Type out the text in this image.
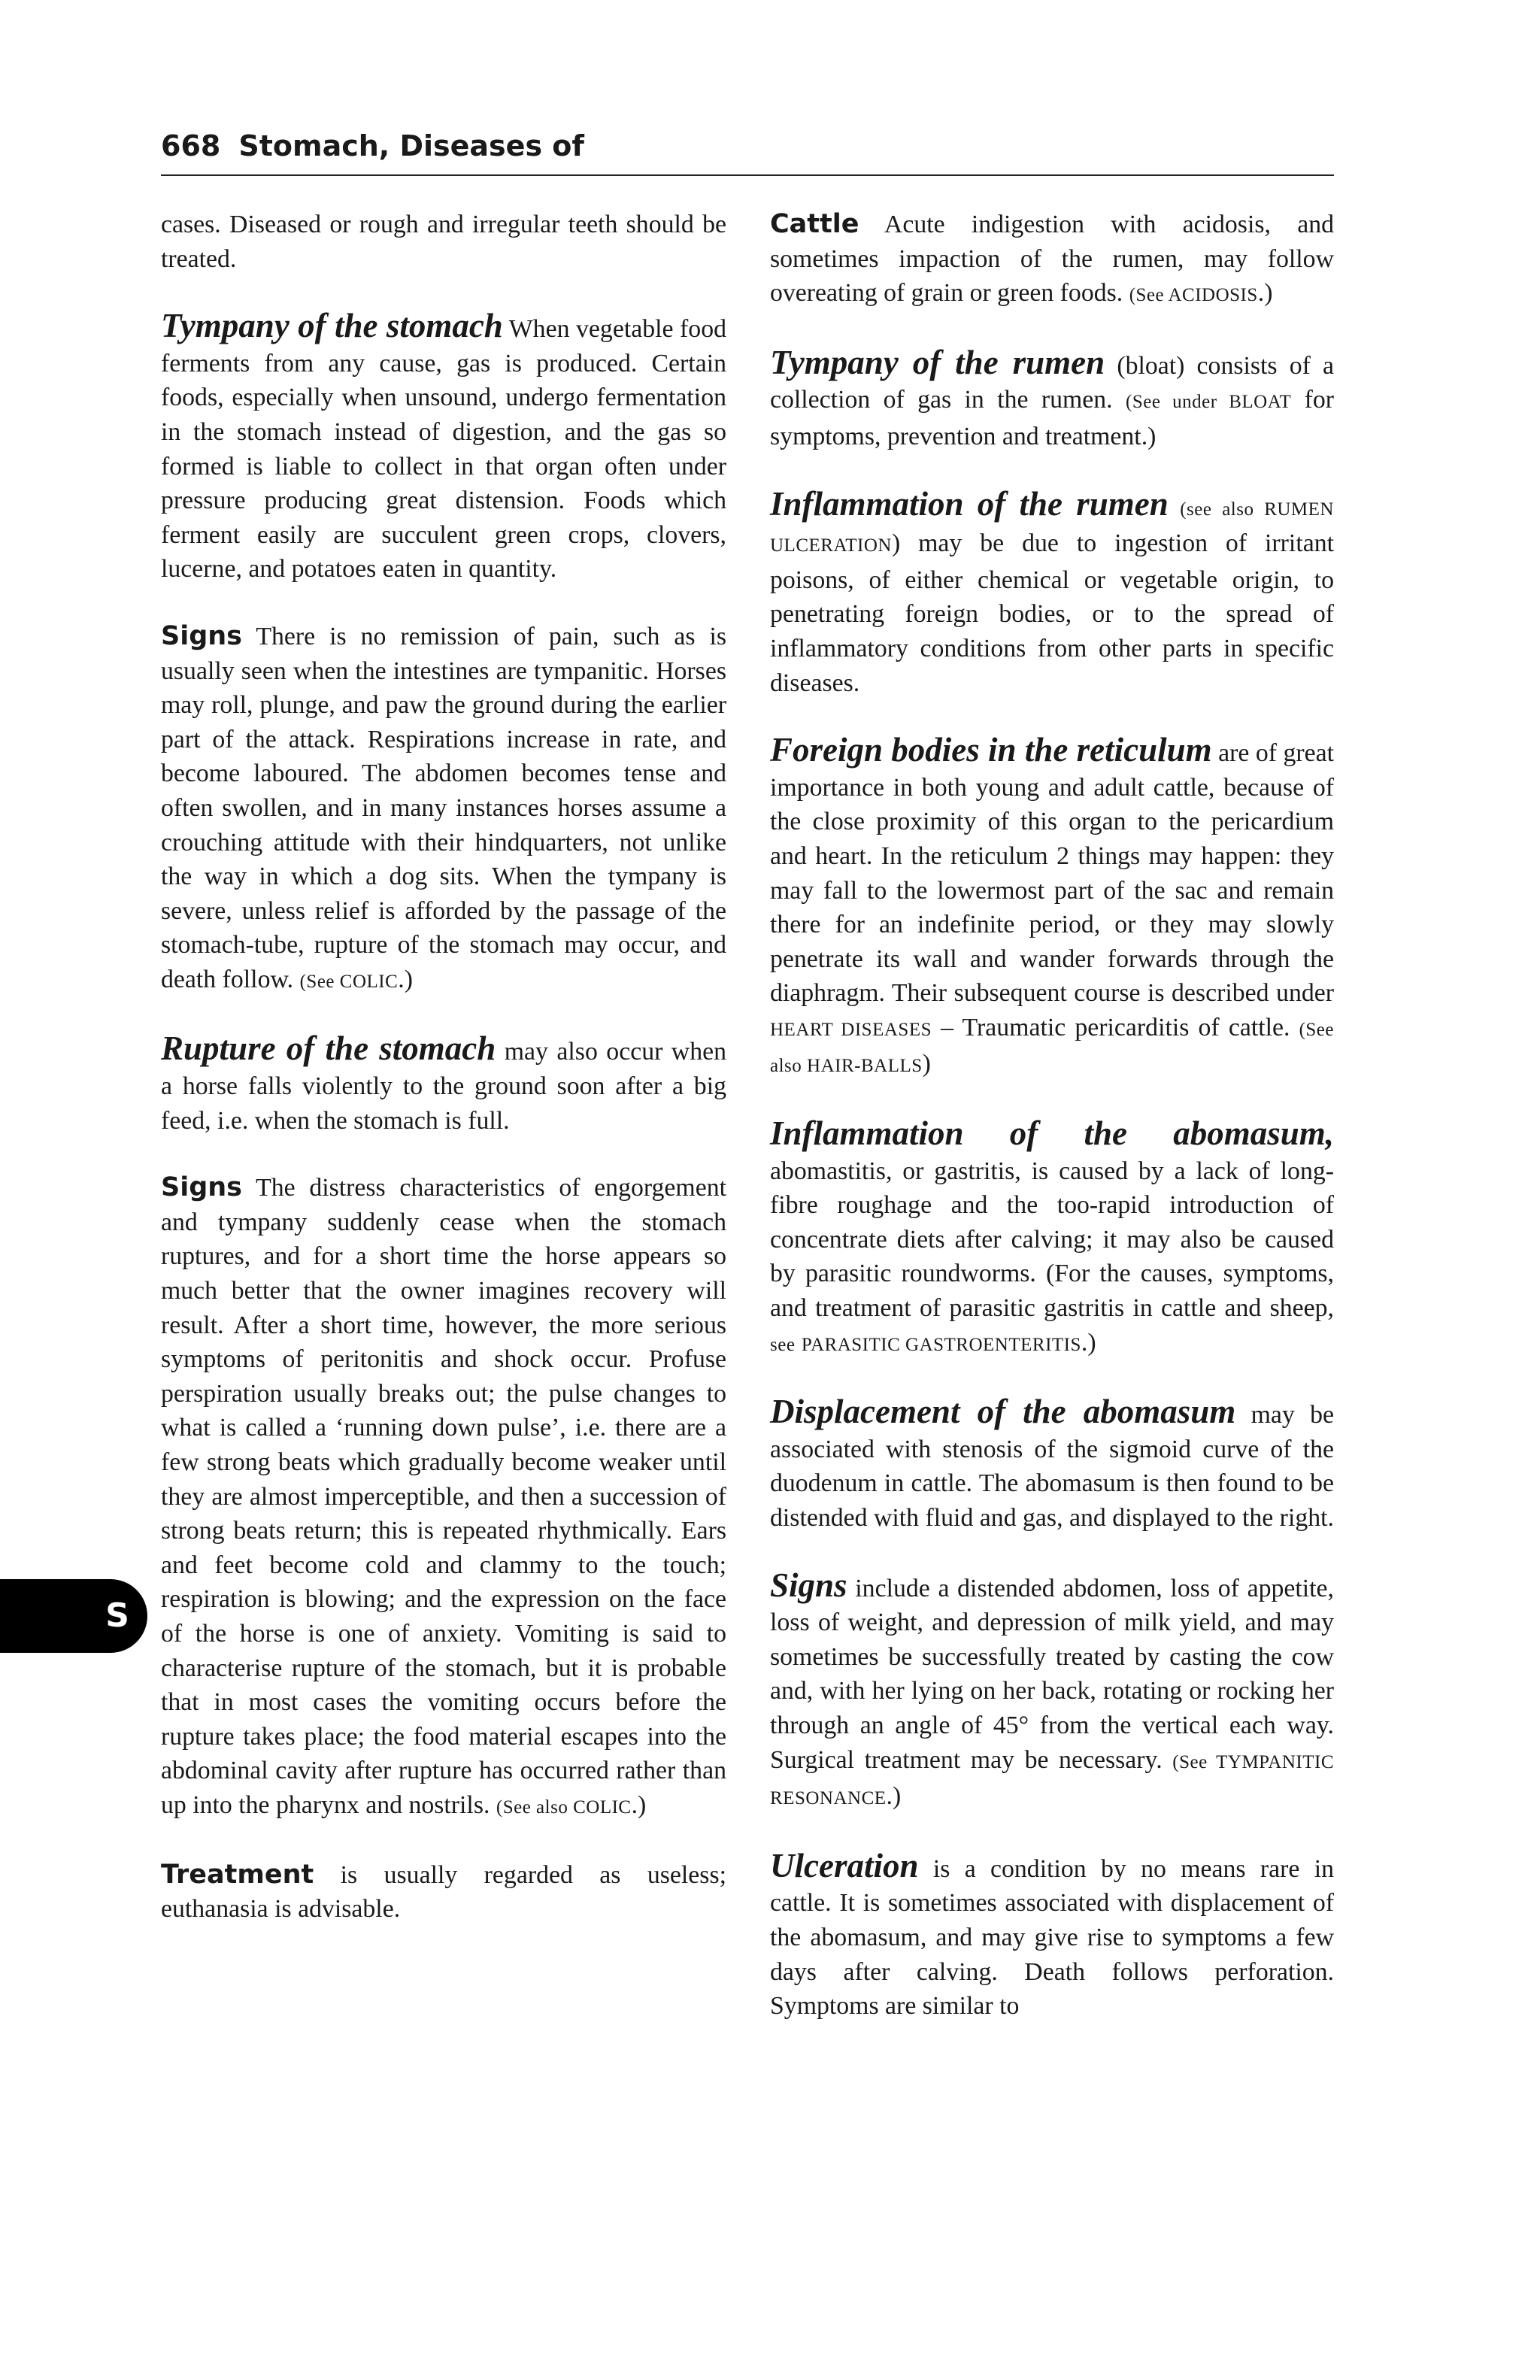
668 Stomach, Diseases of
S

cases. Diseased or rough and irregular teeth should be treated.

Tympany of the stomach When vegetable food ferments from any cause, gas is produced. Certain foods, especially when unsound, undergo fermentation in the stomach instead of digestion, and the gas so formed is liable to collect in that organ often under pressure producing great distension. Foods which ferment easily are succulent green crops, clovers, lucerne, and potatoes eaten in quantity.

Signs There is no remission of pain, such as is usually seen when the intestines are tympanitic. Horses may roll, plunge, and paw the ground during the earlier part of the attack. Respirations increase in rate, and become laboured. The abdomen becomes tense and often swollen, and in many instances horses assume a crouching attitude with their hindquarters, not unlike the way in which a dog sits. When the tympany is severe, unless relief is afforded by the passage of the stomach-tube, rupture of the stomach may occur, and death follow. (See COLIC.)

Rupture of the stomach may also occur when a horse falls violently to the ground soon after a big feed, i.e. when the stomach is full.

Signs The distress characteristics of engorgement and tympany suddenly cease when the stomach ruptures, and for a short time the horse appears so much better that the owner imagines recovery will result. After a short time, however, the more serious symptoms of peritonitis and shock occur. Profuse perspiration usually breaks out; the pulse changes to what is called a ‘running down pulse’, i.e. there are a few strong beats which gradually become weaker until they are almost imperceptible, and then a succession of strong beats return; this is repeated rhythmically. Ears and feet become cold and clammy to the touch; respiration is blowing; and the expression on the face of the horse is one of anxiety. Vomiting is said to characterise rupture of the stomach, but it is probable that in most cases the vomiting occurs before the rupture takes place; the food material escapes into the abdominal cavity after rupture has occurred rather than up into the pharynx and nostrils. (See also COLIC.)

Treatment is usually regarded as useless; euthanasia is advisable.

Cattle Acute indigestion with acidosis, and sometimes impaction of the rumen, may follow overeating of grain or green foods. (See ACIDOSIS.)

Tympany of the rumen (bloat) consists of a collection of gas in the rumen. (See under BLOAT for symptoms, prevention and treatment.)

Inflammation of the rumen (see also RUMEN ULCERATION) may be due to ingestion of irritant poisons, of either chemical or vegetable origin, to penetrating foreign bodies, or to the spread of inflammatory conditions from other parts in specific diseases.

Foreign bodies in the reticulum are of great importance in both young and adult cattle, because of the close proximity of this organ to the pericardium and heart. In the reticulum 2 things may happen: they may fall to the lowermost part of the sac and remain there for an indefinite period, or they may slowly penetrate its wall and wander forwards through the diaphragm. Their subsequent course is described under HEART DISEASES – Traumatic pericarditis of cattle. (See also HAIR-BALLS)

Inflammation of the abomasum, abomastitis, or gastritis, is caused by a lack of long-fibre roughage and the too-rapid introduction of concentrate diets after calving; it may also be caused by parasitic roundworms. (For the causes, symptoms, and treatment of parasitic gastritis in cattle and sheep, see PARASITIC GASTROENTERITIS.)

Displacement of the abomasum may be associated with stenosis of the sigmoid curve of the duodenum in cattle. The abomasum is then found to be distended with fluid and gas, and displayed to the right.

Signs include a distended abdomen, loss of appetite, loss of weight, and depression of milk yield, and may sometimes be successfully treated by casting the cow and, with her lying on her back, rotating or rocking her through an angle of 45° from the vertical each way. Surgical treatment may be necessary. (See TYMPANITIC RESONANCE.)

Ulceration is a condition by no means rare in cattle. It is sometimes associated with displacement of the abomasum, and may give rise to symptoms a few days after calving. Death follows perforation. Symptoms are similar to
